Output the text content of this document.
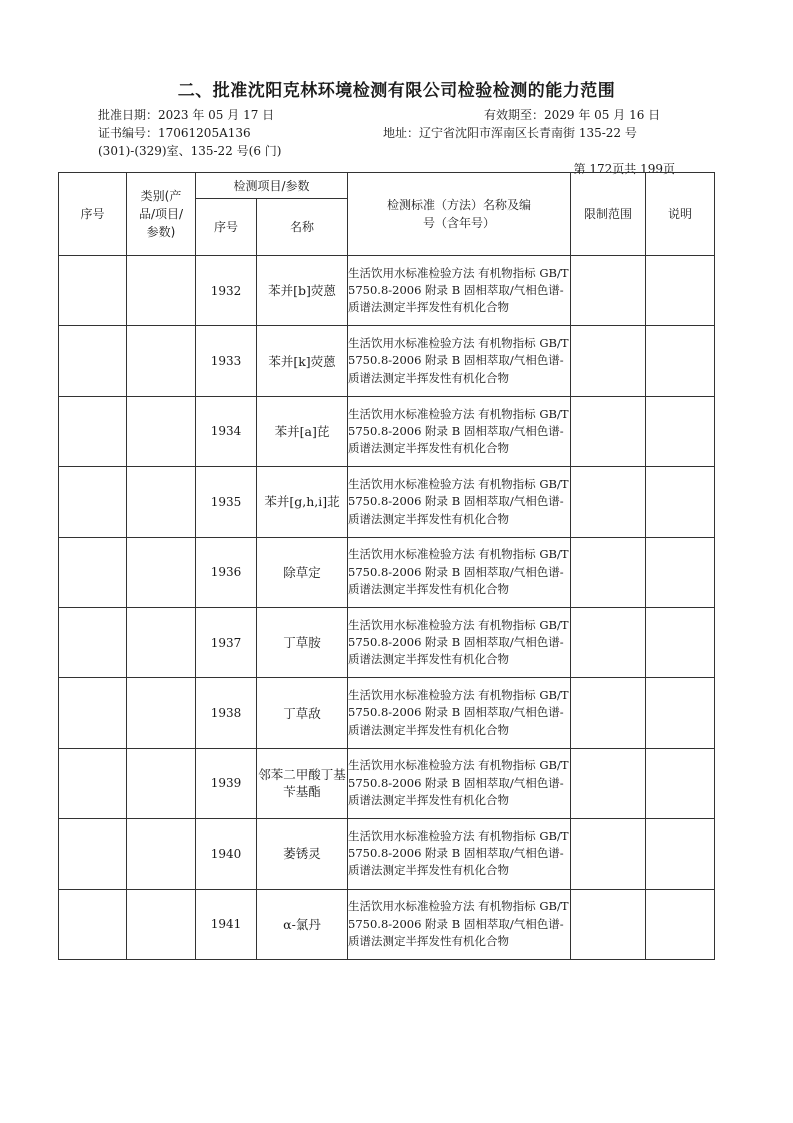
二、批准沈阳克林环境检测有限公司检验检测的能力范围
批准日期：2023 年 05 月 17 日	有效期至：2029 年 05 月 16 日
证书编号：17061205A136	地址：辽宁省沈阳市浑南区长青南街 135-22 号
(301)-(329)室、135-22 号(6 门)
第 172页共 199页
序号	类别(产品/项目/参数)	检测项目/参数		检测标准（方法）名称及编号（含年号）	限制范围	说明
		序号	名称			
		1932	苯并[b]荧蒽	生活饮用水标准检验方法 有机物指标 GB/T 5750.8-2006 附录 B 固相萃取/气相色谱-质谱法测定半挥发性有机化合物		
		1933	苯并[k]荧蒽	生活饮用水标准检验方法 有机物指标 GB/T 5750.8-2006 附录 B 固相萃取/气相色谱-质谱法测定半挥发性有机化合物		
		1934	苯并[a]芘	生活饮用水标准检验方法 有机物指标 GB/T 5750.8-2006 附录 B 固相萃取/气相色谱-质谱法测定半挥发性有机化合物		
		1935	苯并[g,h,i]苝	生活饮用水标准检验方法 有机物指标 GB/T 5750.8-2006 附录 B 固相萃取/气相色谱-质谱法测定半挥发性有机化合物		
		1936	除草定	生活饮用水标准检验方法 有机物指标 GB/T 5750.8-2006 附录 B 固相萃取/气相色谱-质谱法测定半挥发性有机化合物		
		1937	丁草胺	生活饮用水标准检验方法 有机物指标 GB/T 5750.8-2006 附录 B 固相萃取/气相色谱-质谱法测定半挥发性有机化合物		
		1938	丁草敌	生活饮用水标准检验方法 有机物指标 GB/T 5750.8-2006 附录 B 固相萃取/气相色谱-质谱法测定半挥发性有机化合物		
		1939	邻苯二甲酸丁基苄基酯	生活饮用水标准检验方法 有机物指标 GB/T 5750.8-2006 附录 B 固相萃取/气相色谱-质谱法测定半挥发性有机化合物		
		1940	萎锈灵	生活饮用水标准检验方法 有机物指标 GB/T 5750.8-2006 附录 B 固相萃取/气相色谱-质谱法测定半挥发性有机化合物		
		1941	α-氯丹	生活饮用水标准检验方法 有机物指标 GB/T 5750.8-2006 附录 B 固相萃取/气相色谱-质谱法测定半挥发性有机化合物		
